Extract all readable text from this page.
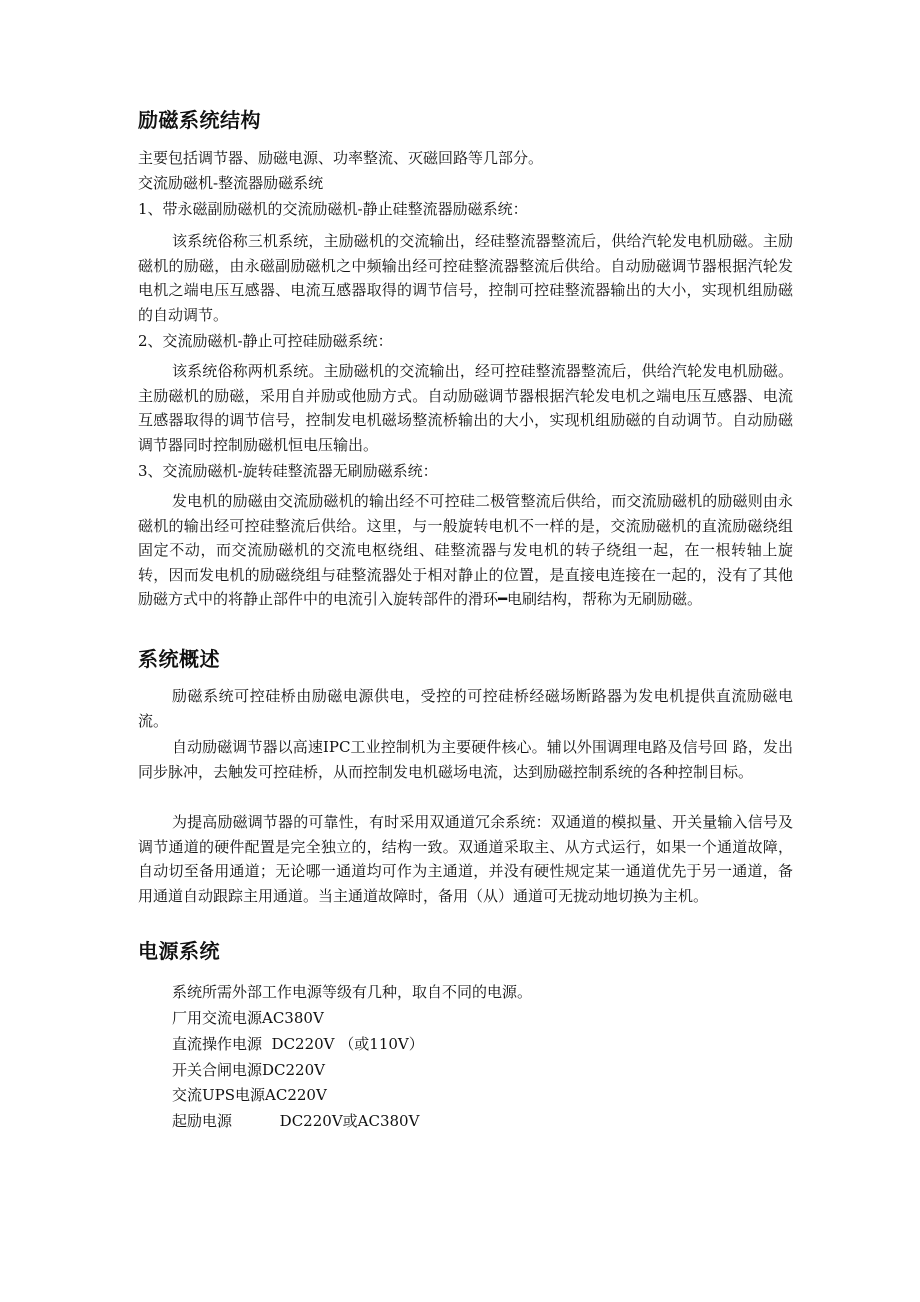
励磁系统结构

主要包括调节器、励磁电源、功率整流、灭磁回路等几部分。

交流励磁机-整流器励磁系统

1、带永磁副励磁机的交流励磁机-静止硅整流器励磁系统：

该系统俗称三机系统，主励磁机的交流输出，经硅整流器整流后，供给汽轮发电机励磁。主励磁机的励磁，由永磁副励磁机之中频输出经可控硅整流器整流后供给。自动励磁调节器根据汽轮发电机之端电压互感器、电流互感器取得的调节信号，控制可控硅整流器输出的大小，实现机组励磁的自动调节。

2、交流励磁机-静止可控硅励磁系统：

该系统俗称两机系统。主励磁机的交流输出，经可控硅整流器整流后，供给汽轮发电机励磁。主励磁机的励磁，采用自并励或他励方式。自动励磁调节器根据汽轮发电机之端电压互感器、电流互感器取得的调节信号，控制发电机磁场整流桥输出的大小，实现机组励磁的自动调节。自动励磁调节器同时控制励磁机恒电压输出。

3、交流励磁机-旋转硅整流器无刷励磁系统：

发电机的励磁由交流励磁机的输出经不可控硅二极管整流后供给，而交流励磁机的励磁则由永磁机的输出经可控硅整流后供给。这里，与一般旋转电机不一样的是，交流励磁机的直流励磁绕组固定不动，而交流励磁机的交流电枢绕组、硅整流器与发电机的转子绕组一起，在一根转轴上旋转，因而发电机的励磁绕组与硅整流器处于相对静止的位置，是直接电连接在一起的，没有了其他励磁方式中的将静止部件中的电流引入旋转部件的滑环━电刷结构，帮称为无刷励磁。

系统概述

励磁系统可控硅桥由励磁电源供电，受控的可控硅桥经磁场断路器为发电机提供直流励磁电流。

自动励磁调节器以高速IPC工业控制机为主要硬件核心。辅以外围调理电路及信号回 路，发出同步脉冲，去触发可控硅桥，从而控制发电机磁场电流，达到励磁控制系统的各种控制目标。

为提高励磁调节器的可靠性，有时采用双通道冗余系统：双通道的模拟量、开关量输入信号及调节通道的硬件配置是完全独立的，结构一致。双通道采取主、从方式运行，如果一个通道故障，自动切至备用通道；无论哪一通道均可作为主通道，并没有硬性规定某一通道优先于另一通道，备用通道自动跟踪主用通道。当主通道故障时，备用（从）通道可无拢动地切换为主机。

电源系统

系统所需外部工作电源等级有几种，取自不同的电源。

厂用交流电源AC380V

直流操作电源  DC220V （或110V）

开关合闸电源DC220V

交流UPS电源AC220V

起励电源          DC220V或AC380V
